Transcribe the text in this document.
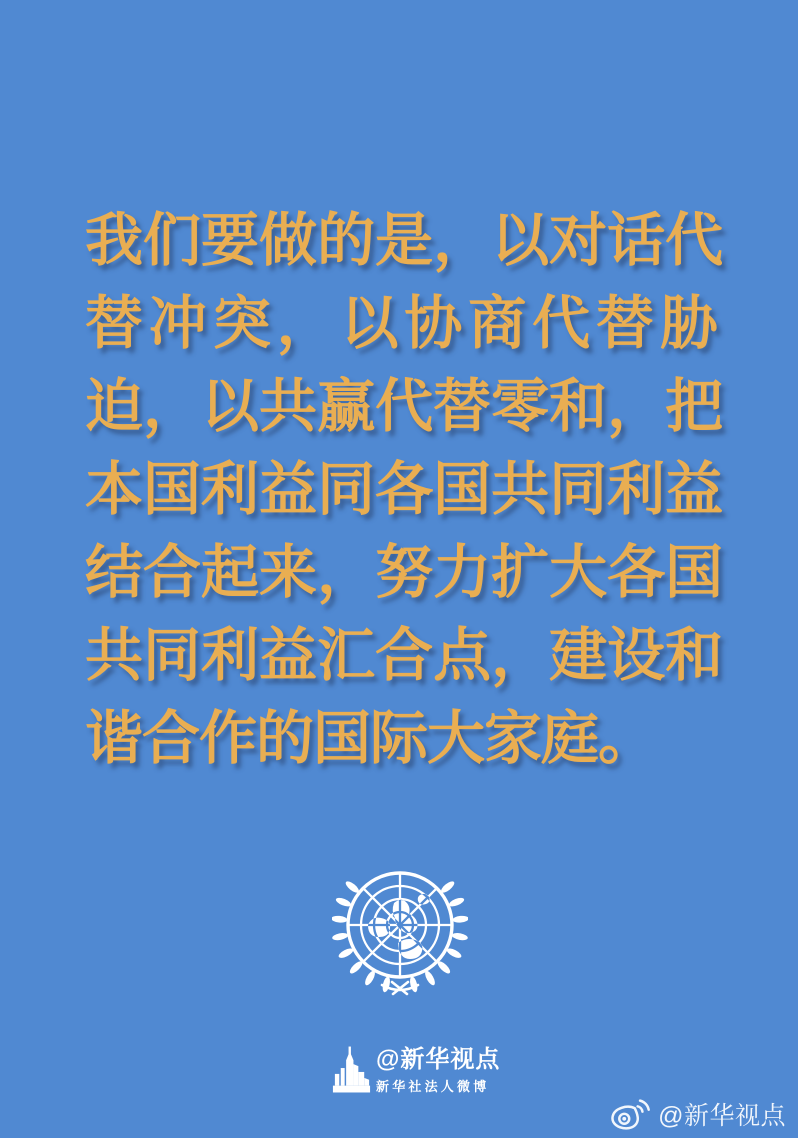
我 们 要 做 的 是 ， 以 对 话 代
替 冲 突 ， 以 协 商 代 替 胁
迫 ， 以 共 赢 代 替 零 和 ， 把
本 国 利 益 同 各 国 共 同 利 益
结 合 起 来 ， 努 力 扩 大 各 国
共 同 利 益 汇 合 点 ， 建 设 和
谐合作的国际大家庭。
@新华视点
新华社法人微博
@新华视点
